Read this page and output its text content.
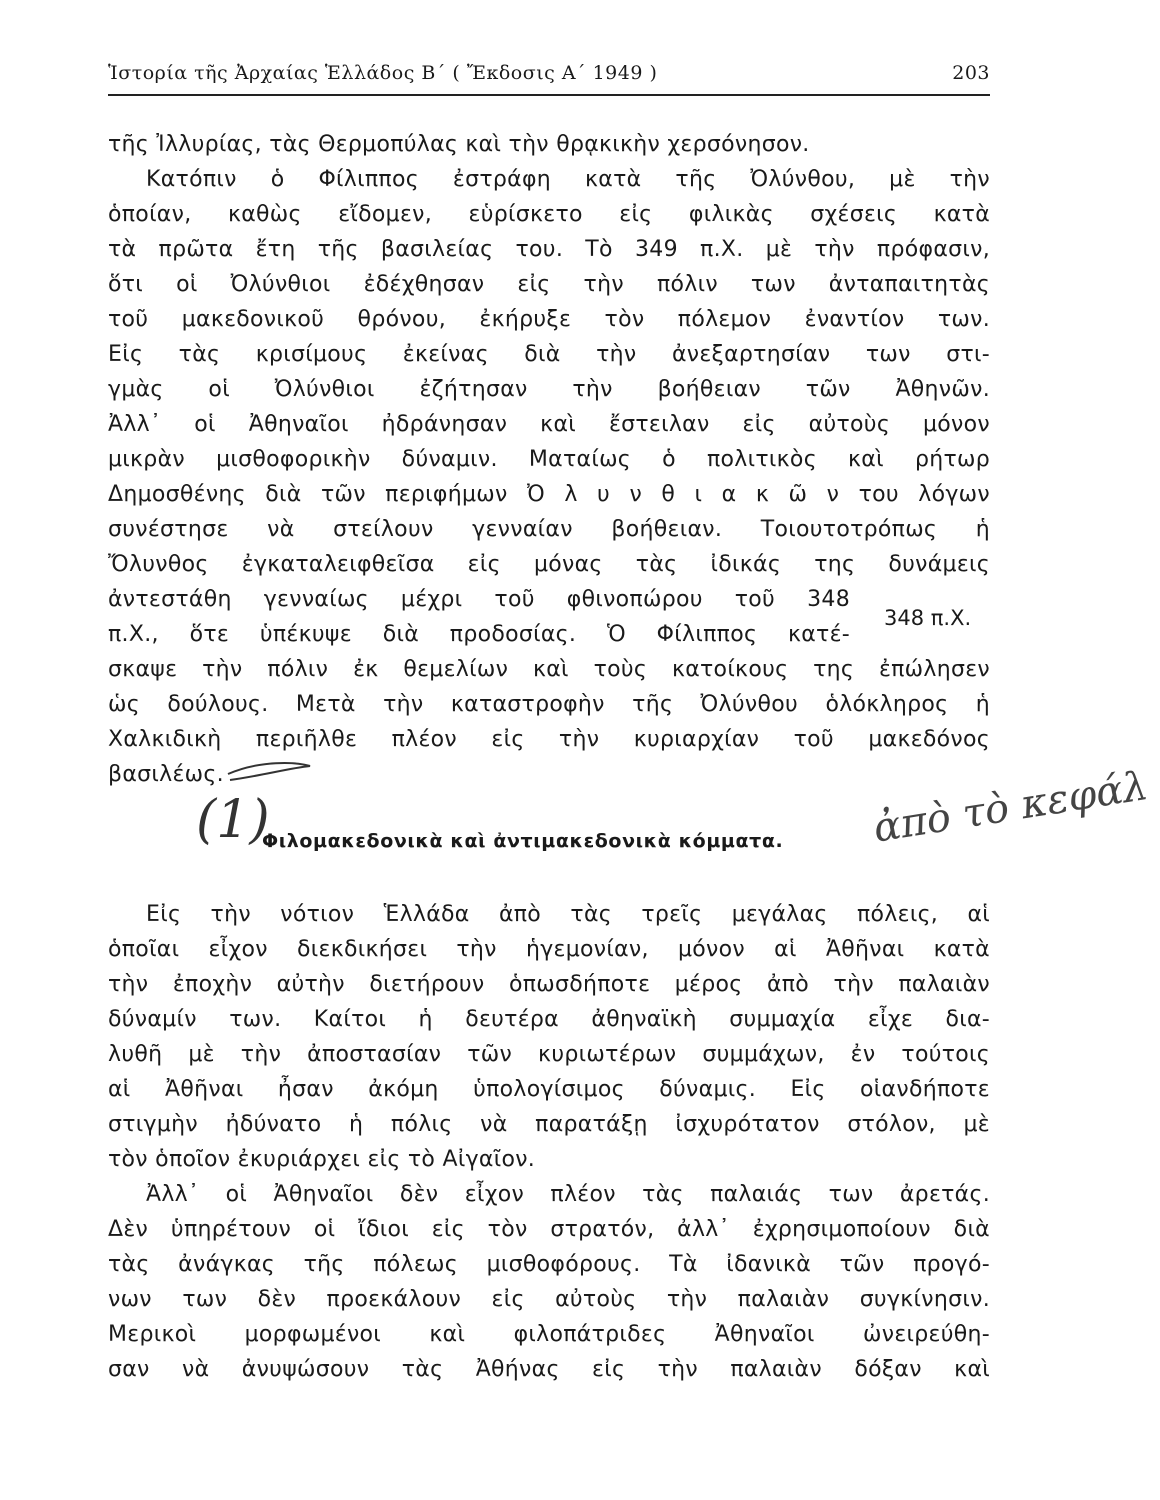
Ἱστορία τῆς Ἀρχαίας Ἑλλάδος Β΄ ( Ἔκδοσις Α΄ 1949 )	203
τῆς Ἰλλυρίας, τὰς Θερμοπύλας καὶ τὴν θρᾳκικὴν χερσόνησον.
Κατόπιν ὁ Φίλιππος ἐστράφη κατὰ τῆς Ὀλύνθου, μὲ τὴν
ὁποίαν, καθὼς εἴδομεν, εὑρίσκετο εἰς φιλικὰς σχέσεις κατὰ
τὰ πρῶτα ἔτη τῆς βασιλείας του. Τὸ 349 π.Χ. μὲ τὴν πρόφασιν,
ὅτι οἱ Ὀλύνθιοι ἐδέχθησαν εἰς τὴν πόλιν των ἀνταπαιτητὰς
τοῦ μακεδονικοῦ θρόνου, ἐκήρυξε τὸν πόλεμον ἐναντίον των.
Εἰς τὰς κρισίμους ἐκείνας διὰ τὴν ἀνεξαρτησίαν των στι-
γμὰς οἱ Ὀλύνθιοι ἐζήτησαν τὴν βοήθειαν τῶν Ἀθηνῶν.
Ἀλλ᾿ οἱ Ἀθηναῖοι ἠδράνησαν καὶ ἔστειλαν εἰς αὐτοὺς μόνον
μικρὰν μισθοφορικὴν δύναμιν. Ματαίως ὁ πολιτικὸς καὶ ρήτωρ
Δημοσθένης διὰ τῶν περιφήμων Ὀ λ υ ν θ ι α κ ῶ ν του λόγων
συνέστησε νὰ στείλουν γενναίαν βοήθειαν. Τοιουτοτρόπως ἡ
Ὄλυνθος ἐγκαταλειφθεῖσα εἰς μόνας τὰς ἰδικάς της δυνάμεις
ἀντεστάθη γενναίως μέχρι τοῦ φθινοπώρου τοῦ 348
π.Χ., ὅτε ὑπέκυψε διὰ προδοσίας. Ὁ Φίλιππος κατέ-
348 π.Χ.
σκαψε τὴν πόλιν ἐκ θεμελίων καὶ τοὺς κατοίκους της ἐπώλησεν
ὡς δούλους. Μετὰ τὴν καταστροφὴν τῆς Ὀλύνθου ὁλόκληρος ἡ
Χαλκιδικὴ περιῆλθε πλέον εἰς τὴν κυριαρχίαν τοῦ μακεδόνος
βασιλέως.
(1)
Φιλομακεδονικὰ καὶ ἀντιμακεδονικὰ κόμματα. ἀπὸ τὸ κεφάλ
Εἰς τὴν νότιον Ἑλλάδα ἀπὸ τὰς τρεῖς μεγάλας πόλεις, αἱ
ὁποῖαι εἶχον διεκδικήσει τὴν ἡγεμονίαν, μόνον αἱ Ἀθῆναι κατὰ
τὴν ἐποχὴν αὐτὴν διετήρουν ὁπωσδήποτε μέρος ἀπὸ τὴν παλαιὰν
δύναμίν των. Καίτοι ἡ δευτέρα ἀθηναϊκὴ συμμαχία εἶχε δια-
λυθῆ μὲ τὴν ἀποστασίαν τῶν κυριωτέρων συμμάχων, ἐν τούτοις
αἱ Ἀθῆναι ἦσαν ἀκόμη ὑπολογίσιμος δύναμις. Εἰς οἱανδήποτε
στιγμὴν ἠδύνατο ἡ πόλις νὰ παρατάξῃ ἰσχυρότατον στόλον, μὲ
τὸν ὁποῖον ἐκυριάρχει εἰς τὸ Αἰγαῖον.
Ἀλλ᾿ οἱ Ἀθηναῖοι δὲν εἶχον πλέον τὰς παλαιάς των ἀρετάς.
Δὲν ὑπηρέτουν οἱ ἴδιοι εἰς τὸν στρατόν, ἀλλ᾿ ἐχρησιμοποίουν διὰ
τὰς ἀνάγκας τῆς πόλεως μισθοφόρους. Τὰ ἰδανικὰ τῶν προγό-
νων των δὲν προεκάλουν εἰς αὐτοὺς τὴν παλαιὰν συγκίνησιν.
Μερικοὶ μορφωμένοι καὶ φιλοπάτριδες Ἀθηναῖοι ὠνειρεύθη-
σαν νὰ ἀνυψώσουν τὰς Ἀθήνας εἰς τὴν παλαιὰν δόξαν καὶ
